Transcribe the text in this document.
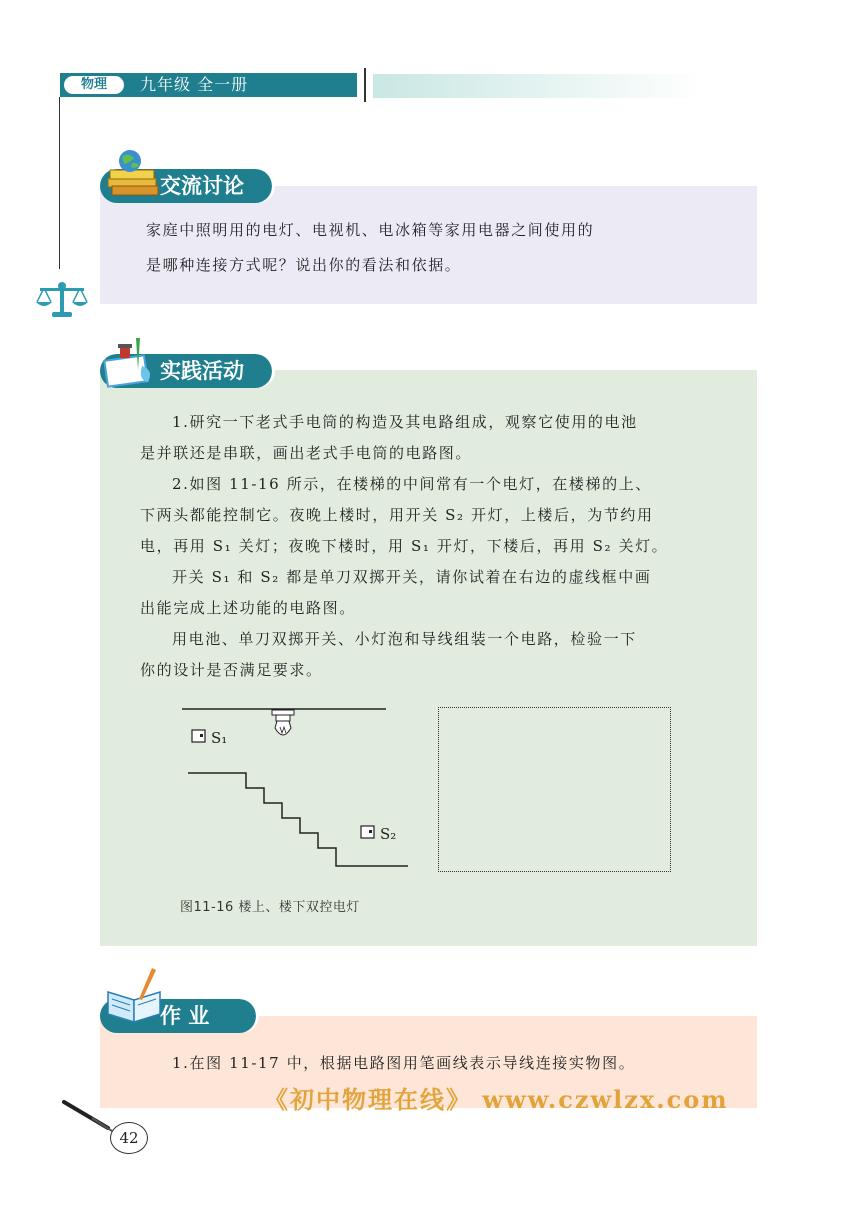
物理	九年级 全一册
交流讨论
家庭中照明用的电灯、电视机、电冰箱等家用电器之间使用的
是哪种连接方式呢？说出你的看法和依据。
实践活动
1.研究一下老式手电筒的构造及其电路组成，观察它使用的电池
是并联还是串联，画出老式手电筒的电路图。
2.如图 11-16 所示，在楼梯的中间常有一个电灯，在楼梯的上、
下两头都能控制它。夜晚上楼时，用开关 S₂ 开灯，上楼后，为节约用
电，再用 S₁ 关灯；夜晚下楼时，用 S₁ 开灯，下楼后，再用 S₂ 关灯。
开关 S₁ 和 S₂ 都是单刀双掷开关，请你试着在右边的虚线框中画
出能完成上述功能的电路图。
用电池、单刀双掷开关、小灯泡和导线组装一个电路，检验一下
你的设计是否满足要求。
S₁
S₂
图11-16 楼上、楼下双控电灯
作 业
1.在图 11-17 中，根据电路图用笔画线表示导线连接实物图。
《初中物理在线》 www.czwlzx.com
42
